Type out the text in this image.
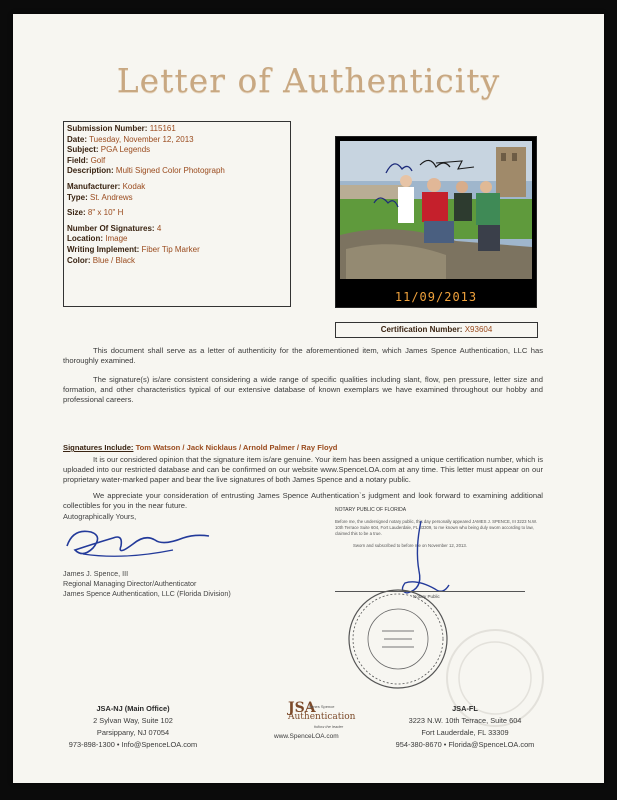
Letter of Authenticity
Submission Number: 115161
Date: Tuesday, November 12, 2013
Subject: PGA Legends
Field: Golf
Description: Multi Signed Color Photograph
Manufacturer: Kodak
Type: St. Andrews
Size: 8" x 10" H
Number Of Signatures: 4
Location: Image
Writing Implement: Fiber Tip Marker
Color: Blue / Black
11/09/2013
Certification Number: X93604
This document shall serve as a letter of authenticity for the aforementioned item, which James Spence Authentication, LLC has thoroughly examined.
The signature(s) is/are consistent considering a wide range of specific qualities including slant, flow, pen pressure, letter size and formation, and other characteristics typical of our extensive database of known exemplars we have examined throughout our hobby and professional careers.
Signatures Include: Tom Watson / Jack Nicklaus / Arnold Palmer / Ray Floyd
It is our considered opinion that the signature item is/are genuine. Your item has been assigned a unique certification number, which is uploaded into our restricted database and can be confirmed on our website www.SpenceLOA.com at any time. This letter must appear on our proprietary water-marked paper and bear the live signatures of both James Spence and a notary public.
We appreciate your consideration of entrusting James Spence Authentication`s judgment and look forward to examining additional collectibles for you in the near future.
Autographically Yours,
James J. Spence, III
Regional Managing Director/Authenticator
James Spence Authentication, LLC (Florida Division)
NOTARY PUBLIC OF FLORIDA
Before me, the undersigned notary public, this day personally appeared JAMES J. SPENCE, III 3223 N.W. 10th Terrace Suite 604, Fort Lauderdale, FL 33309, to me known who being duly sworn according to law, claimed this to be a true.
Sworn and subscribed to before me on November 12, 2013.
Notary Public
JSA-NJ (Main Office)
2 Sylvan Way, Suite 102
Parsippany, NJ 07054
973-898-1300 • Info@SpenceLOA.com
JSA
James Spence
Authentication
follow the leader
www.SpenceLOA.com
JSA-FL
3223 N.W. 10th Terrace, Suite 604
Fort Lauderdale, FL 33309
954-380-8670 • Florida@SpenceLOA.com
